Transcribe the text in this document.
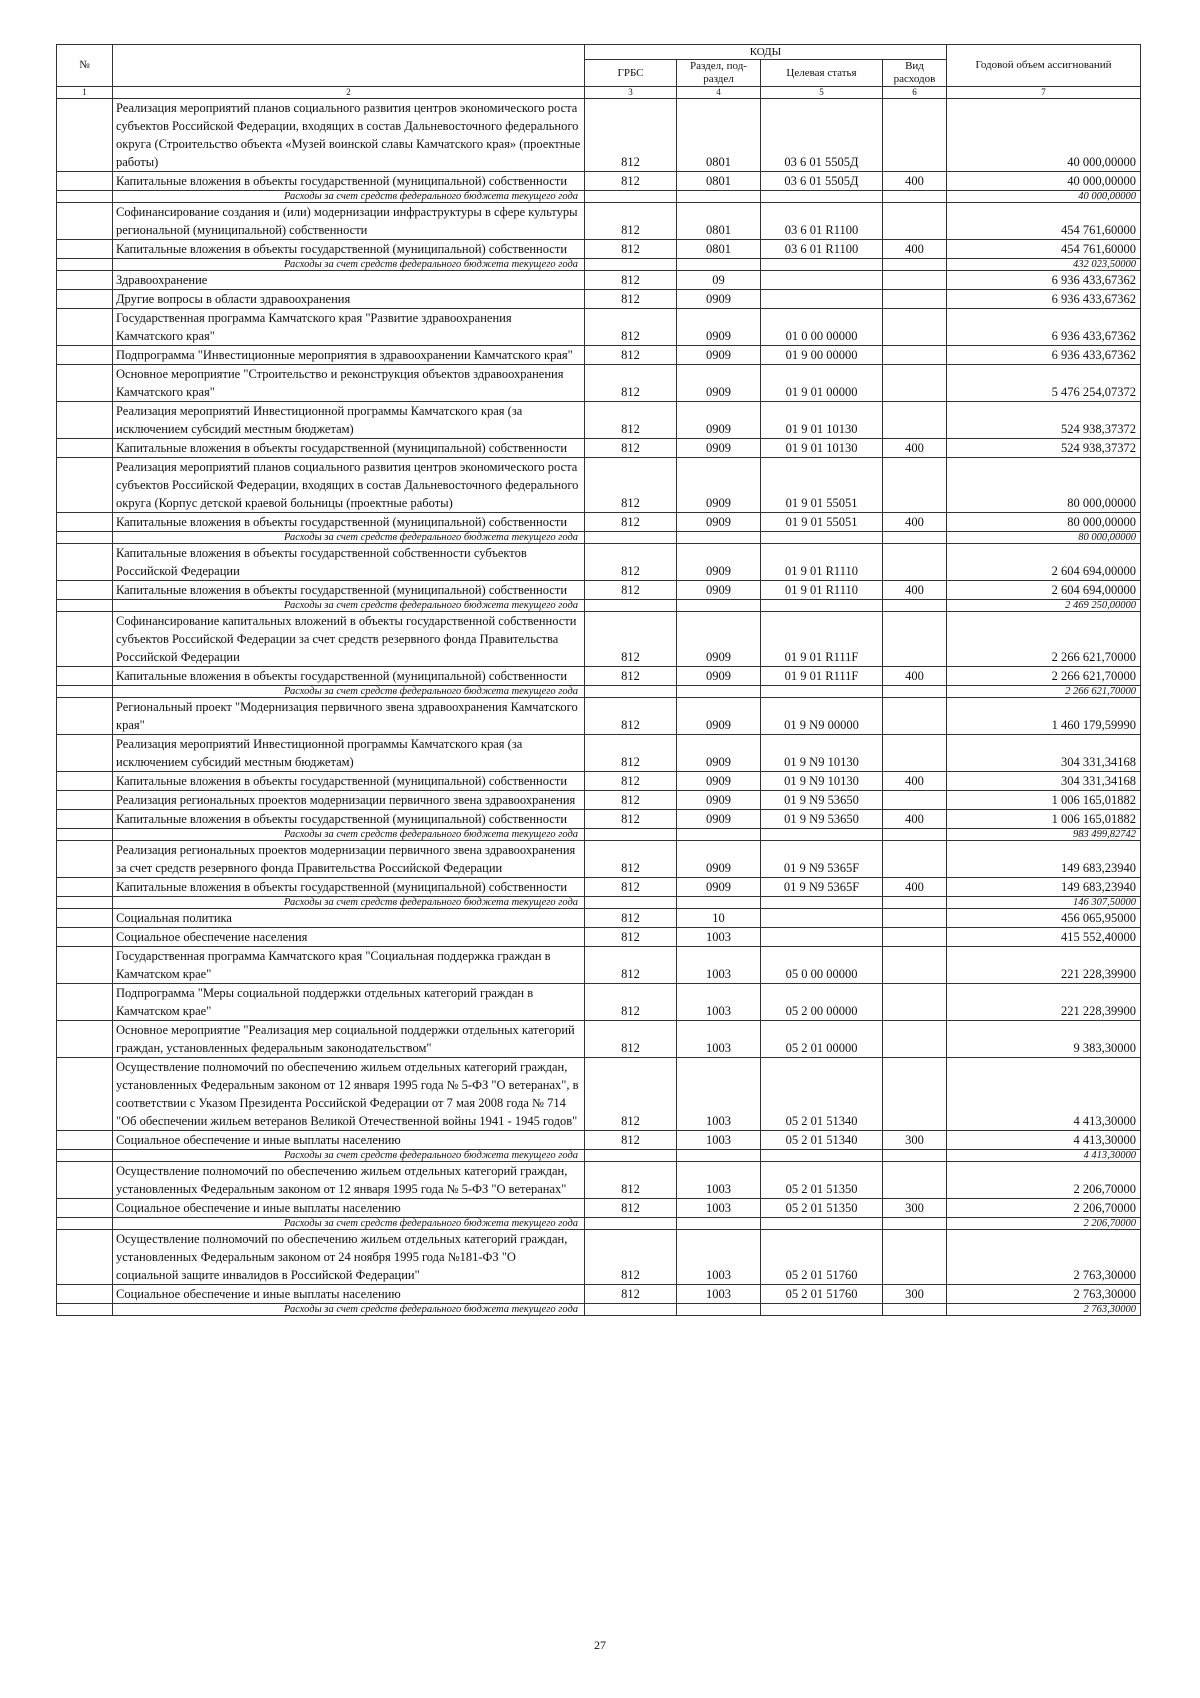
№		КОДЫ				Годовой объем ассигнований
		ГРБС	Раздел, под-раздел	Целевая статья	Вид расходов	
1	2	3	4	5	6	7
	Реализация мероприятий планов социального развития центров экономического роста субъектов Российской Федерации, входящих в состав Дальневосточного федерального округа (Строительство объекта «Музей воинской славы Камчатского края» (проектные работы)	812	0801	03 6 01 5505Д		40 000,00000
	Капитальные вложения в объекты государственной (муниципальной) собственности	812	0801	03 6 01 5505Д	400	40 000,00000
	Расходы за счет средств федерального бюджета текущего года					40 000,00000
	Софинансирование создания и (или) модернизации инфраструктуры в сфере культуры региональной (муниципальной) собственности	812	0801	03 6 01 R1100		454 761,60000
	Капитальные вложения в объекты государственной (муниципальной) собственности	812	0801	03 6 01 R1100	400	454 761,60000
	Расходы за счет средств федерального бюджета текущего года					432 023,50000
	Здравоохранение	812	09			6 936 433,67362
	Другие вопросы в области здравоохранения	812	0909			6 936 433,67362
	Государственная программа Камчатского края "Развитие здравоохранения Камчатского края"	812	0909	01 0 00 00000		6 936 433,67362
	Подпрограмма "Инвестиционные мероприятия в здравоохранении Камчатского края"	812	0909	01 9 00 00000		6 936 433,67362
	Основное мероприятие "Строительство и реконструкция объектов здравоохранения Камчатского края"	812	0909	01 9 01 00000		5 476 254,07372
	Реализация мероприятий Инвестиционной программы Камчатского края (за исключением субсидий местным бюджетам)	812	0909	01 9 01 10130		524 938,37372
	Капитальные вложения в объекты государственной (муниципальной) собственности	812	0909	01 9 01 10130	400	524 938,37372
	Реализация мероприятий планов социального развития центров экономического роста субъектов Российской Федерации, входящих в состав Дальневосточного федерального округа (Корпус детской краевой больницы (проектные работы)	812	0909	01 9 01 55051		80 000,00000
	Капитальные вложения в объекты государственной (муниципальной) собственности	812	0909	01 9 01 55051	400	80 000,00000
	Расходы за счет средств федерального бюджета текущего года					80 000,00000
	Капитальные вложения в объекты государственной собственности субъектов Российской Федерации	812	0909	01 9 01 R1110		2 604 694,00000
	Капитальные вложения в объекты государственной (муниципальной) собственности	812	0909	01 9 01 R1110	400	2 604 694,00000
	Расходы за счет средств федерального бюджета текущего года					2 469 250,00000
	Софинансирование капитальных вложений в объекты государственной собственности субъектов Российской Федерации за счет средств резервного фонда Правительства Российской Федерации	812	0909	01 9 01 R111F		2 266 621,70000
	Капитальные вложения в объекты государственной (муниципальной) собственности	812	0909	01 9 01 R111F	400	2 266 621,70000
	Расходы за счет средств федерального бюджета текущего года					2 266 621,70000
	Региональный проект "Модернизация первичного звена здравоохранения Камчатского края"	812	0909	01 9 N9 00000		1 460 179,59990
	Реализация мероприятий Инвестиционной программы Камчатского края (за исключением субсидий местным бюджетам)	812	0909	01 9 N9 10130		304 331,34168
	Капитальные вложения в объекты государственной (муниципальной) собственности	812	0909	01 9 N9 10130	400	304 331,34168
	Реализация региональных проектов модернизации первичного звена здравоохранения	812	0909	01 9 N9 53650		1 006 165,01882
	Капитальные вложения в объекты государственной (муниципальной) собственности	812	0909	01 9 N9 53650	400	1 006 165,01882
	Расходы за счет средств федерального бюджета текущего года					983 499,82742
	Реализация региональных проектов модернизации первичного звена здравоохранения за счет средств резервного фонда Правительства Российской Федерации	812	0909	01 9 N9 5365F		149 683,23940
	Капитальные вложения в объекты государственной (муниципальной) собственности	812	0909	01 9 N9 5365F	400	149 683,23940
	Расходы за счет средств федерального бюджета текущего года					146 307,50000
	Социальная политика	812	10			456 065,95000
	Социальное обеспечение населения	812	1003			415 552,40000
	Государственная программа Камчатского края "Социальная поддержка граждан в Камчатском крае"	812	1003	05 0 00 00000		221 228,39900
	Подпрограмма "Меры социальной поддержки отдельных категорий граждан в Камчатском крае"	812	1003	05 2 00 00000		221 228,39900
	Основное мероприятие "Реализация мер социальной поддержки отдельных категорий граждан, установленных федеральным законодательством"	812	1003	05 2 01 00000		9 383,30000
	Осуществление полномочий по обеспечению жильем отдельных категорий граждан, установленных Федеральным законом от 12 января 1995 года № 5-ФЗ "О ветеранах", в соответствии с Указом Президента Российской Федерации от 7 мая 2008 года № 714 "Об обеспечении жильем ветеранов Великой Отечественной войны 1941 - 1945 годов"	812	1003	05 2 01 51340		4 413,30000
	Социальное обеспечение и иные выплаты населению	812	1003	05 2 01 51340	300	4 413,30000
	Расходы за счет средств федерального бюджета текущего года					4 413,30000
	Осуществление полномочий по обеспечению жильем отдельных категорий граждан, установленных Федеральным законом от 12 января 1995 года № 5-ФЗ "О ветеранах"	812	1003	05 2 01 51350		2 206,70000
	Социальное обеспечение и иные выплаты населению	812	1003	05 2 01 51350	300	2 206,70000
	Расходы за счет средств федерального бюджета текущего года					2 206,70000
	Осуществление полномочий по обеспечению жильем отдельных категорий граждан, установленных Федеральным законом от 24 ноября 1995 года №181-ФЗ "О социальной защите инвалидов в Российской Федерации"	812	1003	05 2 01 51760		2 763,30000
	Социальное обеспечение и иные выплаты населению	812	1003	05 2 01 51760	300	2 763,30000
	Расходы за счет средств федерального бюджета текущего года					2 763,30000
27
